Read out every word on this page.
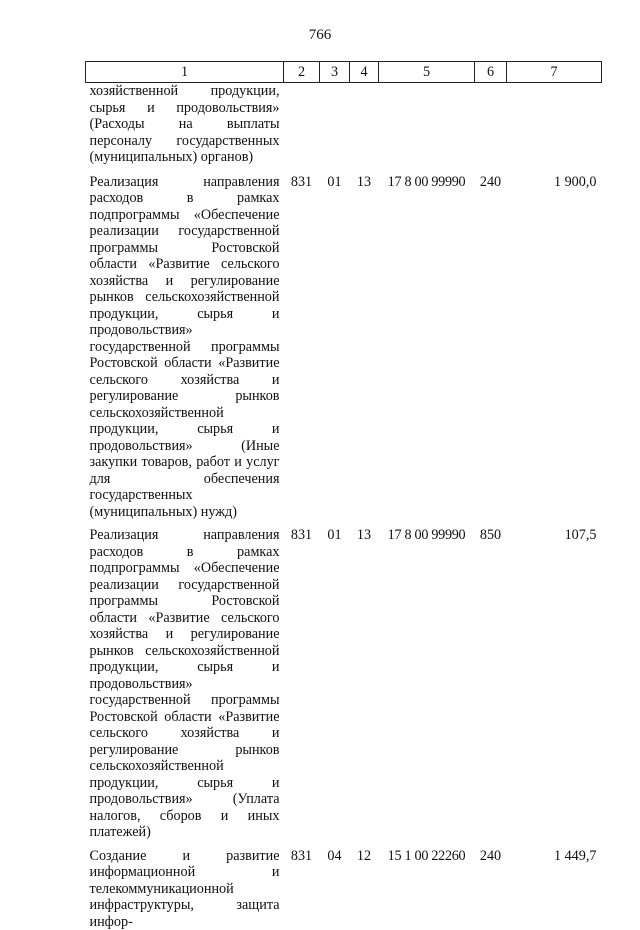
766
1	2	3	4	5	6	7
хозяйственной продукции, сырья и продовольствия» (Расходы на выплаты персоналу государственных (муниципальных) органов)						
Реализация направления расходов в рамках подпрограммы «Обеспечение реализации государственной программы Ростовской области «Развитие сельского хозяйства и регулирование рынков сельскохозяйственной продукции, сырья и продовольствия» государственной программы Ростовской области «Развитие сельского хозяйства и регулирование рынков сельскохозяйственной продукции, сырья и продовольствия» (Иные закупки товаров, работ и услуг для обеспечения государственных (муниципальных) нужд)	831	01	13	17 8 00 99990	240	1 900,0
Реализация направления расходов в рамках подпрограммы «Обеспечение реализации государственной программы Ростовской области «Развитие сельского хозяйства и регулирование рынков сельскохозяйственной продукции, сырья и продовольствия» государственной программы Ростовской области «Развитие сельского хозяйства и регулирование рынков сельскохозяйственной продукции, сырья и продовольствия» (Уплата налогов, сборов и иных платежей)	831	01	13	17 8 00 99990	850	107,5
Создание и развитие информационной и телекоммуникационной инфраструктуры, защита инфор-	831	04	12	15 1 00 22260	240	1 449,7
